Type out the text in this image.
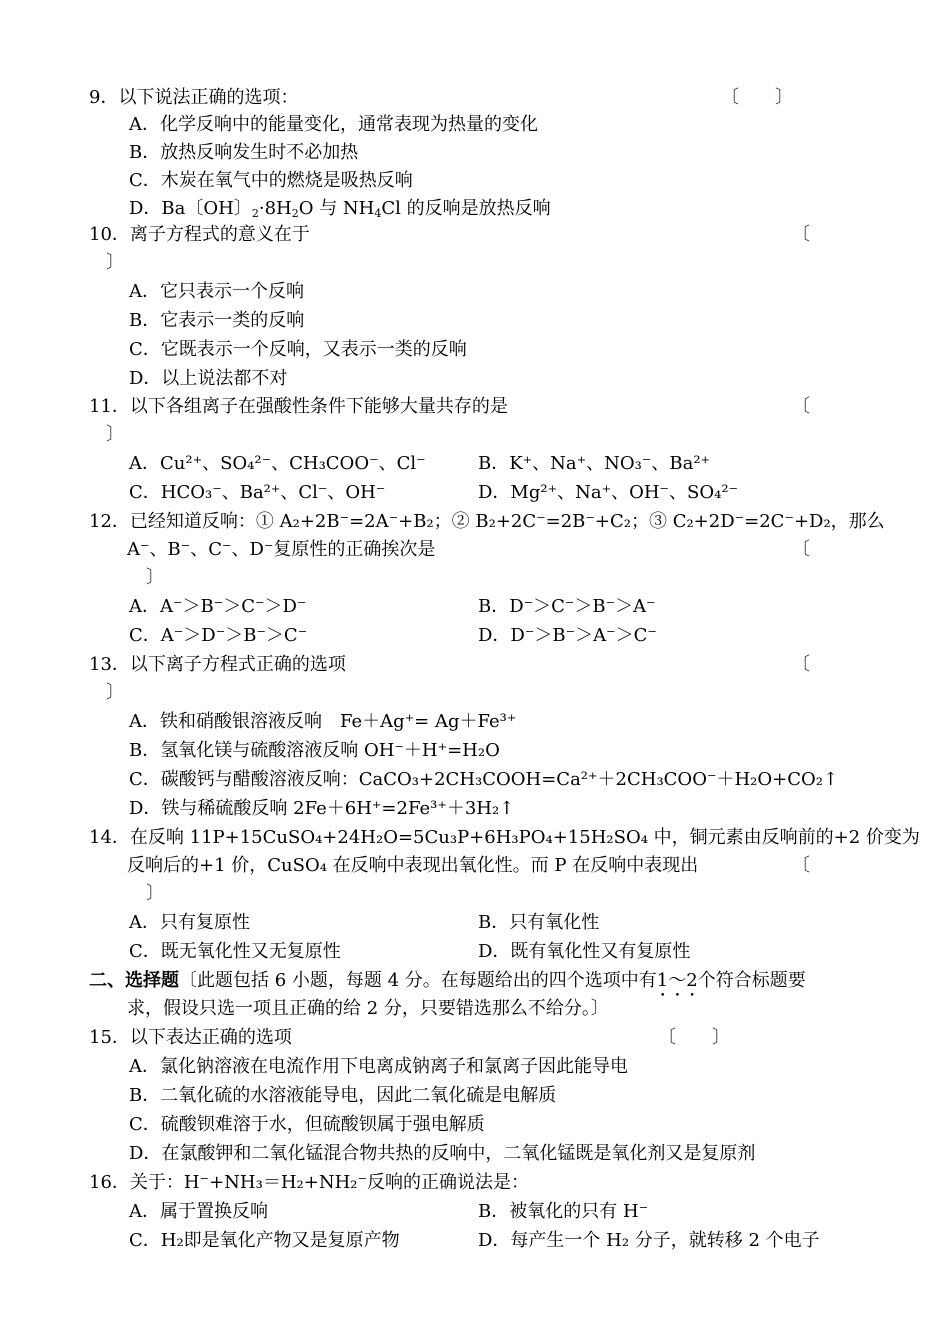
9．以下说法正确的选项：	〔　　〕
A．化学反响中的能量变化，通常表现为热量的变化
B．放热反响发生时不必加热
C．木炭在氧气中的燃烧是吸热反响
D．Ba〔OH〕$_2\cdot 8H_2O$ 与 $NH_4Cl$ 的反响是放热反响
10．离子方程式的意义在于	〔
〕
A．它只表示一个反响
B．它表示一类的反响
C．它既表示一个反响，又表示一类的反响
D．以上说法都不对
11．以下各组离子在强酸性条件下能够大量共存的是	〔
〕
A．Cu²⁺、SO₄²⁻、CH₃COO⁻、Cl⁻	B．K⁺、Na⁺、NO₃⁻、Ba²⁺
C．HCO₃⁻、Ba²⁺、Cl⁻、OH⁻	D．Mg²⁺、Na⁺、OH⁻、SO₄²⁻
12．已经知道反响：① A₂+2B⁻=2A⁻+B₂；② B₂+2C⁻=2B⁻+C₂；③ C₂+2D⁻=2C⁻+D₂，那么
A⁻、B⁻、C⁻、D⁻复原性的正确挨次是	〔
〕
A．A⁻＞B⁻＞C⁻＞D⁻	B．D⁻＞C⁻＞B⁻＞A⁻
C．A⁻＞D⁻＞B⁻＞C⁻	D．D⁻＞B⁻＞A⁻＞C⁻
13．以下离子方程式正确的选项	〔
〕
A．铁和硝酸银溶液反响　Fe＋Ag⁺= Ag＋Fe³⁺
B．氢氧化镁与硫酸溶液反响 OH⁻＋H⁺=H₂O
C．碳酸钙与醋酸溶液反响：CaCO₃+2CH₃COOH=Ca²⁺＋2CH₃COO⁻＋H₂O+CO₂↑
D．铁与稀硫酸反响 2Fe＋6H⁺=2Fe³⁺＋3H₂↑
14．在反响 11P+15CuSO₄+24H₂O=5Cu₃P+6H₃PO₄+15H₂SO₄ 中，铜元素由反响前的+2 价变为
反响后的+1 价，CuSO₄ 在反响中表现出氧化性。而 P 在反响中表现出	〔
〕
A．只有复原性	B．只有氧化性
C．既无氧化性又无复原性	D．既有氧化性又有复原性
二、选择题〔此题包括 6 小题，每题 4 分。在每题给出的四个选项中有1～2个符合标题要
求，假设只选一项且正确的给 2 分，只要错选那么不给分。〕
15．以下表达正确的选项	〔　　〕
A．氯化钠溶液在电流作用下电离成钠离子和氯离子因此能导电
B．二氧化硫的水溶液能导电，因此二氧化硫是电解质
C．硫酸钡难溶于水，但硫酸钡属于强电解质
D．在氯酸钾和二氧化锰混合物共热的反响中，二氧化锰既是氧化剂又是复原剂
16．关于：H⁻+NH₃＝H₂+NH₂⁻反响的正确说法是：
A．属于置换反响	B．被氧化的只有 H⁻
C．H₂即是氧化产物又是复原产物	D．每产生一个 H₂ 分子，就转移 2 个电子
